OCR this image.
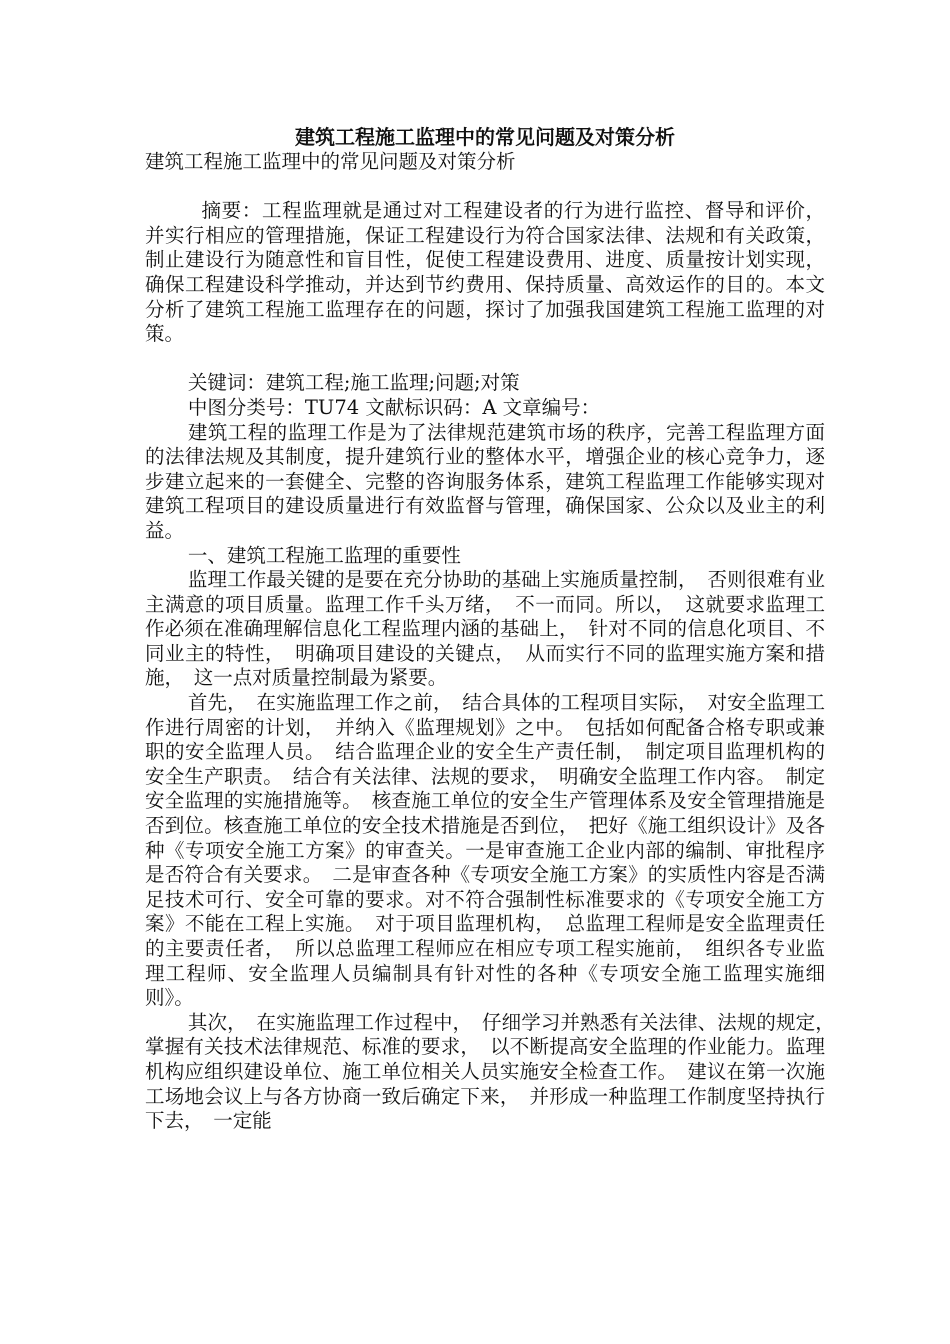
建筑工程施工监理中的常见问题及对策分析
建筑工程施工监理中的常见问题及对策分析

摘要：工程监理就是通过对工程建设者的行为进行监控、督导和评价，并实行相应的管理措施，保证工程建设行为符合国家法律、法规和有关政策，制止建设行为随意性和盲目性，促使工程建设费用、进度、质量按计划实现，确保工程建设科学推动，并达到节约费用、保持质量、高效运作的目的。本文分析了建筑工程施工监理存在的问题，探讨了加强我国建筑工程施工监理的对策。

关键词：建筑工程;施工监理;问题;对策

中图分类号：TU74 文献标识码：A 文章编号：

建筑工程的监理工作是为了法律规范建筑市场的秩序，完善工程监理方面的法律法规及其制度，提升建筑行业的整体水平，增强企业的核心竞争力，逐步建立起来的一套健全、完整的咨询服务体系，建筑工程监理工作能够实现对建筑工程项目的建设质量进行有效监督与管理，确保国家、公众以及业主的利益。

一、建筑工程施工监理的重要性

监理工作最关键的是要在充分协助的基础上实施质量控制，　否则很难有业主满意的项目质量。监理工作千头万绪，　不一而同。所以，　这就要求监理工作必须在准确理解信息化工程监理内涵的基础上，　针对不同的信息化项目、不同业主的特性，　明确项目建设的关键点，　从而实行不同的监理实施方案和措施，　这一点对质量控制最为紧要。

首先，　在实施监理工作之前，　结合具体的工程项目实际，　对安全监理工作进行周密的计划，　并纳入《监理规划》之中。　包括如何配备合格专职或兼职的安全监理人员。　结合监理企业的安全生产责任制，　制定项目监理机构的安全生产职责。　结合有关法律、法规的要求，　明确安全监理工作内容。　制定安全监理的实施措施等。　核查施工单位的安全生产管理体系及安全管理措施是否到位。核查施工单位的安全技术措施是否到位，　把好《施工组织设计》及各种《专项安全施工方案》的审查关。一是审查施工企业内部的编制、审批程序是否符合有关要求。　二是审查各种《专项安全施工方案》的实质性内容是否满足技术可行、安全可靠的要求。对不符合强制性标准要求的《专项安全施工方案》不能在工程上实施。　对于项目监理机构，　总监理工程师是安全监理责任的主要责任者，　所以总监理工程师应在相应专项工程实施前，　组织各专业监理工程师、安全监理人员编制具有针对性的各种《专项安全施工监理实施细则》。

其次，　在实施监理工作过程中，　仔细学习并熟悉有关法律、法规的规定，　掌握有关技术法律规范、标准的要求，　以不断提高安全监理的作业能力。监理机构应组织建设单位、施工单位相关人员实施安全检查工作。　建议在第一次施工场地会议上与各方协商一致后确定下来，　并形成一种监理工作制度坚持执行下去，　一定能
